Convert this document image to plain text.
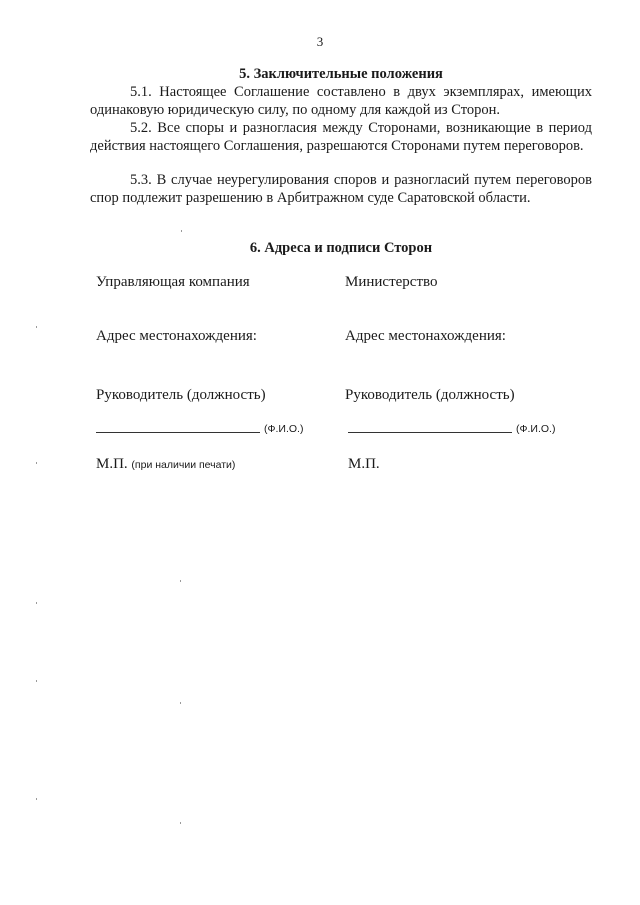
3
5. Заключительные положения
5.1. Настоящее Соглашение составлено в двух экземплярах, имеющих одинаковую юридическую силу, по одному для каждой из Сторон.
5.2. Все споры и разногласия между Сторонами, возникающие в период действия настоящего Соглашения, разрешаются Сторонами путем переговоров.
5.3. В случае неурегулирования споров и разногласий путем переговоров спор подлежит разрешению в Арбитражном суде Саратовской области.
6. Адреса и подписи Сторон
Управляющая компания	Министерство
Адрес местонахождения:	Адрес местонахождения:
Руководитель (должность)	Руководитель (должность)
(Ф.И.О.)	(Ф.И.О.)
М.П. (при наличии печати)	М.П.
